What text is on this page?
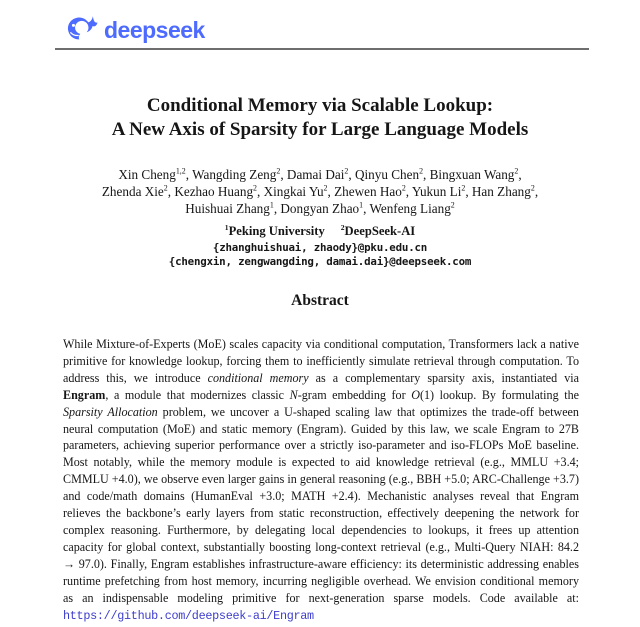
deepseek
Conditional Memory via Scalable Lookup:
A New Axis of Sparsity for Large Language Models
Xin Cheng$^{1,2}$, Wangding Zeng$^2$, Damai Dai$^2$, Qinyu Chen$^2$, Bingxuan Wang$^2$,
Zhenda Xie$^2$, Kezhao Huang$^2$, Xingkai Yu$^2$, Zhewen Hao$^2$, Yukun Li$^2$, Han Zhang$^2$,
Huishuai Zhang$^1$, Dongyan Zhao$^1$, Wenfeng Liang$^2$
$^1$Peking University $^2$DeepSeek-AI
{zhanghuishuai, zhaody}@pku.edu.cn
{chengxin, zengwangding, damai.dai}@deepseek.com
Abstract

While Mixture-of-Experts (MoE) scales capacity via conditional computation, Transformers lack a native primitive for knowledge lookup, forcing them to inefficiently simulate retrieval through computation. To address this, we introduce conditional memory as a complementary sparsity axis, instantiated via Engram, a module that modernizes classic N-gram embedding for O(1) lookup. By formulating the Sparsity Allocation problem, we uncover a U-shaped scaling law that optimizes the trade-off between neural computation (MoE) and static memory (Engram). Guided by this law, we scale Engram to 27B parameters, achieving superior performance over a strictly iso-parameter and iso-FLOPs MoE baseline. Most notably, while the memory module is expected to aid knowledge retrieval (e.g., MMLU +3.4; CMMLU +4.0), we observe even larger gains in general reasoning (e.g., BBH +5.0; ARC-Challenge +3.7) and code/math domains (HumanEval +3.0; MATH +2.4). Mechanistic analyses reveal that Engram relieves the backbone’s early layers from static reconstruction, effectively deepening the network for complex reasoning. Furthermore, by delegating local dependencies to lookups, it frees up attention capacity for global context, substantially boosting long-context retrieval (e.g., Multi-Query NIAH: 84.2 → 97.0). Finally, Engram establishes infrastructure-aware efficiency: its deterministic addressing enables runtime prefetching from host memory, incurring negligible overhead. We envision conditional memory as an indispensable modeling primitive for next-generation sparse models. Code available at: https://github.com/deepseek-ai/Engram
